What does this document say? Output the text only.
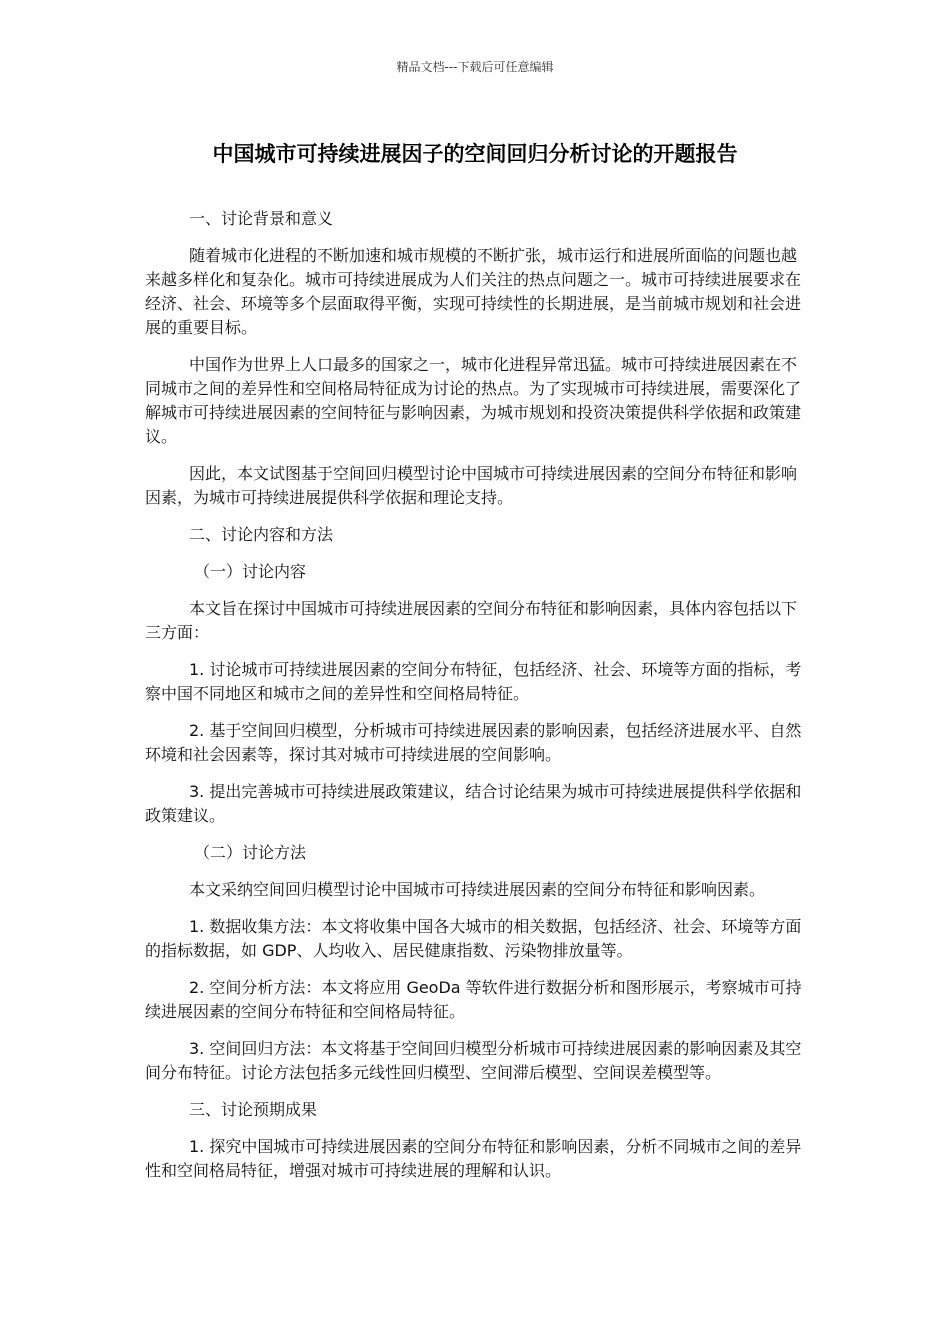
精品文档---下载后可任意编辑
中国城市可持续进展因子的空间回归分析讨论的开题报告

一、讨论背景和意义

随着城市化进程的不断加速和城市规模的不断扩张，城市运行和进展所面临的问题也越来越多样化和复杂化。城市可持续进展成为人们关注的热点问题之一。城市可持续进展要求在经济、社会、环境等多个层面取得平衡，实现可持续性的长期进展，是当前城市规划和社会进展的重要目标。

中国作为世界上人口最多的国家之一，城市化进程异常迅猛。城市可持续进展因素在不同城市之间的差异性和空间格局特征成为讨论的热点。为了实现城市可持续进展，需要深化了解城市可持续进展因素的空间特征与影响因素，为城市规划和投资决策提供科学依据和政策建议。

因此，本文试图基于空间回归模型讨论中国城市可持续进展因素的空间分布特征和影响因素，为城市可持续进展提供科学依据和理论支持。

二、讨论内容和方法

（一）讨论内容

本文旨在探讨中国城市可持续进展因素的空间分布特征和影响因素，具体内容包括以下三方面：

1. 讨论城市可持续进展因素的空间分布特征，包括经济、社会、环境等方面的指标，考察中国不同地区和城市之间的差异性和空间格局特征。

2. 基于空间回归模型，分析城市可持续进展因素的影响因素，包括经济进展水平、自然环境和社会因素等，探讨其对城市可持续进展的空间影响。

3. 提出完善城市可持续进展政策建议，结合讨论结果为城市可持续进展提供科学依据和政策建议。

（二）讨论方法

本文采纳空间回归模型讨论中国城市可持续进展因素的空间分布特征和影响因素。

1. 数据收集方法：本文将收集中国各大城市的相关数据，包括经济、社会、环境等方面的指标数据，如 GDP、人均收入、居民健康指数、污染物排放量等。

2. 空间分析方法：本文将应用 GeoDa 等软件进行数据分析和图形展示，考察城市可持续进展因素的空间分布特征和空间格局特征。

3. 空间回归方法：本文将基于空间回归模型分析城市可持续进展因素的影响因素及其空间分布特征。讨论方法包括多元线性回归模型、空间滞后模型、空间误差模型等。

三、讨论预期成果

1. 探究中国城市可持续进展因素的空间分布特征和影响因素，分析不同城市之间的差异性和空间格局特征，增强对城市可持续进展的理解和认识。
